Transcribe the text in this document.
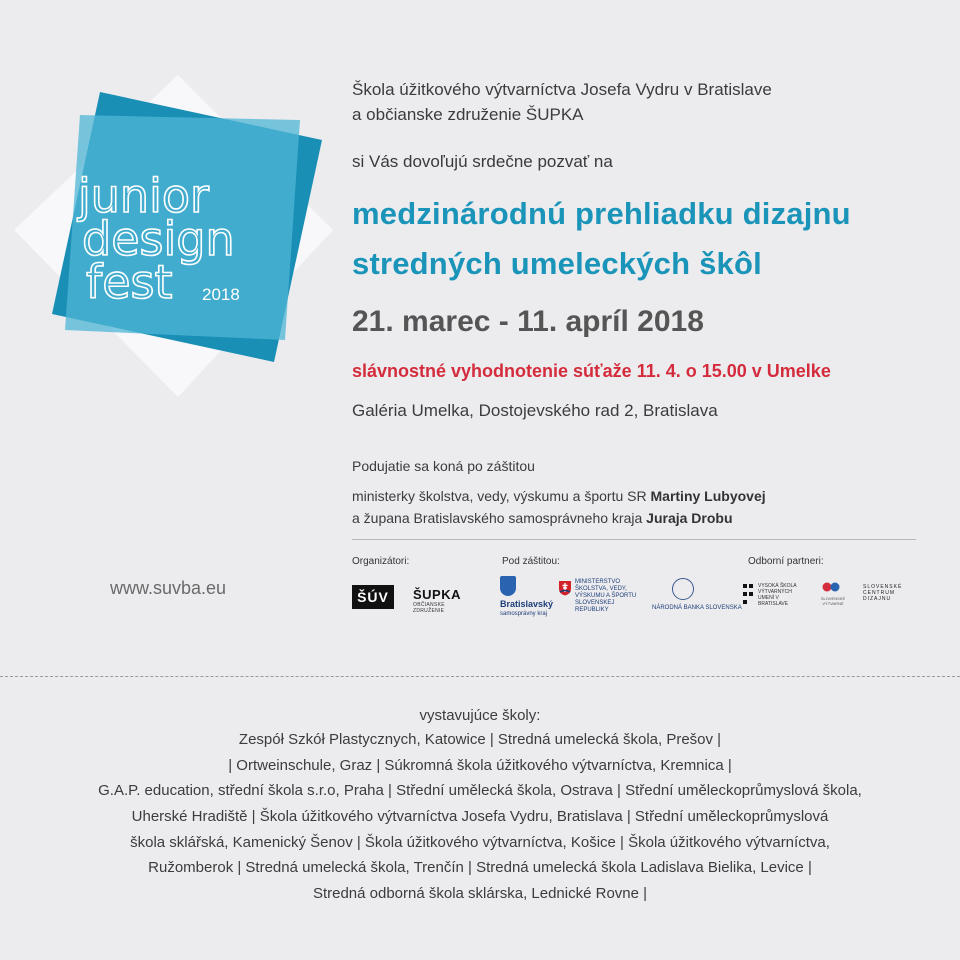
junior
design
fest 2018
Škola úžitkového výtvarníctva Josefa Vydru v Bratislave
a občianske združenie ŠUPKA
si Vás dovoľujú srdečne pozvať na
medzinárodnú prehliadku dizajnu
stredných umeleckých škôl
21. marec - 11. apríl 2018
slávnostné vyhodnotenie súťaže 11. 4. o 15.00 v Umelke
Galéria Umelka, Dostojevského rad 2, Bratislava
Podujatie sa koná po záštitou
ministerky školstva, vedy, výskumu a športu SR Martiny Lubyovej
a župana Bratislavského samosprávneho kraja Juraja Drobu
Organizátori:	Pod záštitou:	Odborní partneri:
www.suvba.eu	ŠÚV	ŠUPKA
OBČIANSKE ZDRUŽENIE
Bratislavský
samosprávny kraj
MINISTERSTVO ŠKOLSTVA, VEDY, VÝSKUMU A ŠPORTU SLOVENSKEJ REPUBLIKY	NÁRODNÁ BANKA SLOVENSKA
VYSOKÁ ŠKOLA VÝTVARNÝCH UMENÍ V BRATISLAVE
SLOVENSKÉ VÝTVARNÉ
SLOVENSKÉ CENTRUM DIZAJNU
vystavujúce školy:
Zespół Szkół Plastycznych, Katowice | Stredná umelecká škola, Prešov |
| Ortweinschule, Graz | Súkromná škola úžitkového výtvarníctva, Kremnica |
G.A.P. education, střední škola s.r.o, Praha | Střední umělecká škola, Ostrava | Střední uměleckoprůmyslová škola,
Uherské Hradiště | Škola úžitkového výtvarníctva Josefa Vydru, Bratislava | Střední uměleckoprůmyslová
škola sklářská, Kamenický Šenov | Škola úžitkového výtvarníctva, Košice | Škola úžitkového výtvarníctva,
Ružomberok | Stredná umelecká škola, Trenčín | Stredná umelecká škola Ladislava Bielika, Levice |
Stredná odborná škola sklárska, Lednické Rovne |
